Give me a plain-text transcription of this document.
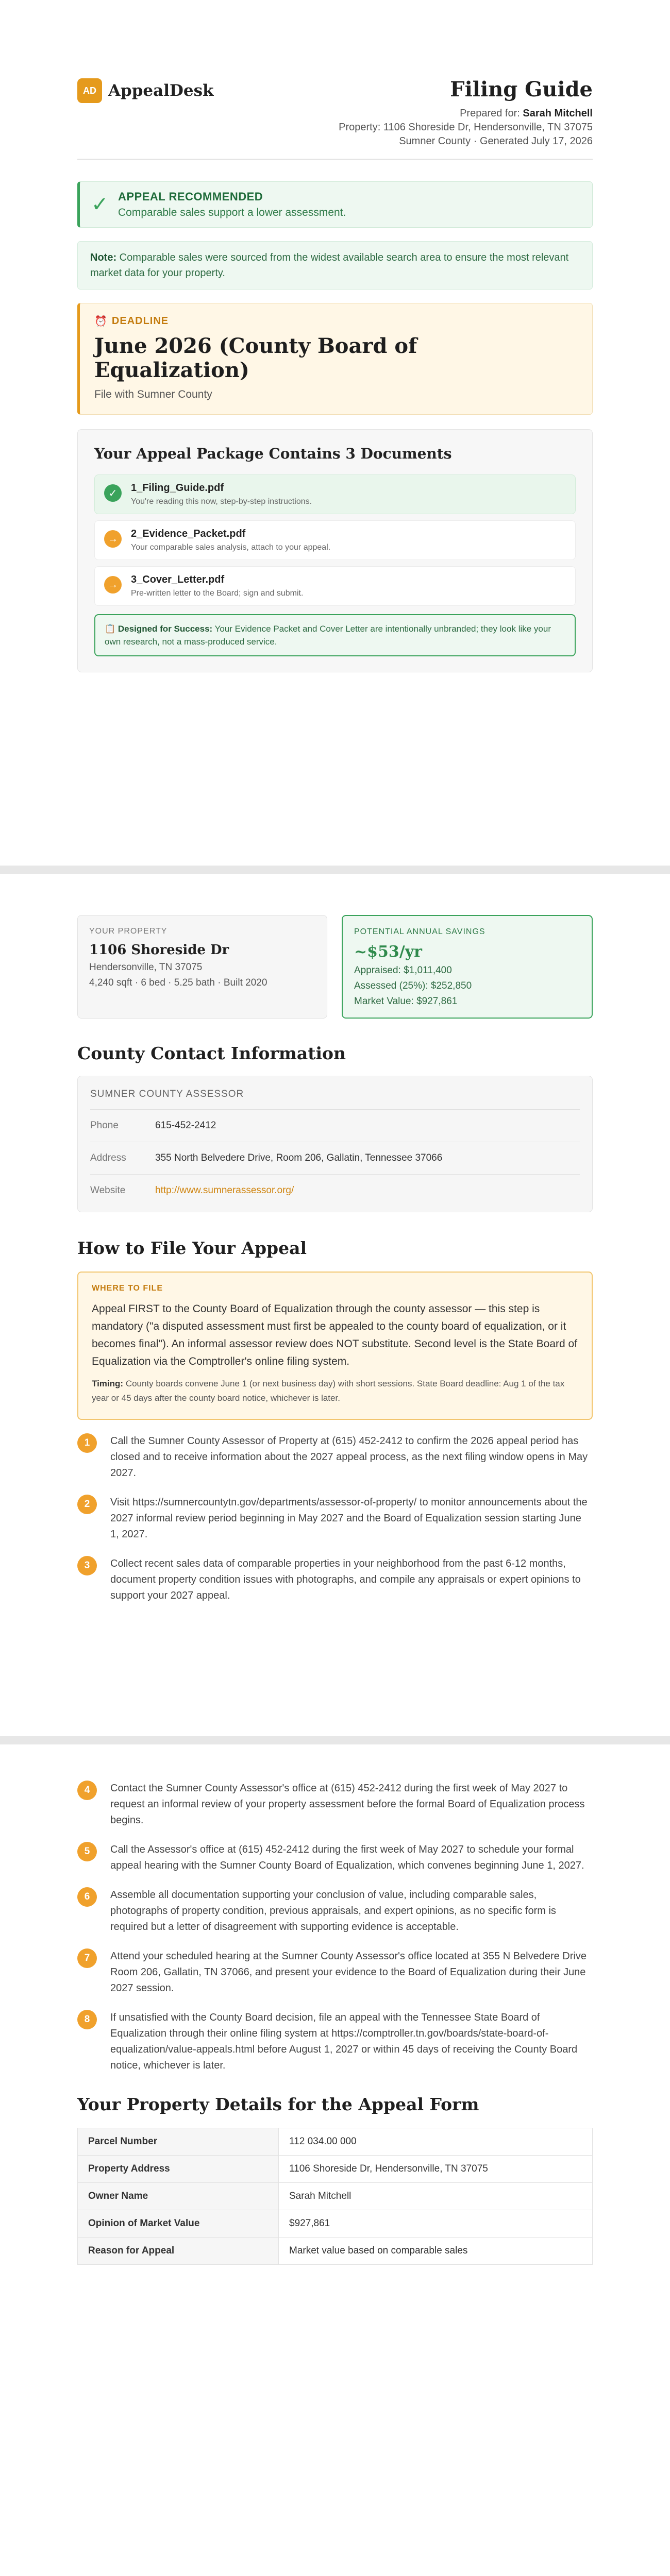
AD AppealDesk	Filing Guide
Prepared for: Sarah Mitchell
Property: 1106 Shoreside Dr, Hendersonville, TN 37075
Sumner County · Generated July 17, 2026
✓ APPEAL RECOMMENDED
Comparable sales support a lower assessment.
Note: Comparable sales were sourced from the widest available search area to ensure the most relevant market data for your property.
⏰ DEADLINE
June 2026 (County Board of Equalization)
File with Sumner County
Your Appeal Package Contains 3 Documents
✓	1_Filing_Guide.pdf
You're reading this now, step-by-step instructions.
→	2_Evidence_Packet.pdf
Your comparable sales analysis, attach to your appeal.
→	3_Cover_Letter.pdf
Pre-written letter to the Board; sign and submit.
📋 Designed for Success: Your Evidence Packet and Cover Letter are intentionally unbranded; they look like your own research, not a mass-produced service.
YOUR PROPERTY
1106 Shoreside Dr
Hendersonville, TN 37075
4,240 sqft · 6 bed · 5.25 bath · Built 2020
POTENTIAL ANNUAL SAVINGS
~$53/yr
Appraised: $1,011,400
Assessed (25%): $252,850
Market Value: $927,861
County Contact Information
SUMNER COUNTY ASSESSOR
Phone	615-452-2412
Address	355 North Belvedere Drive, Room 206, Gallatin, Tennessee 37066
Website	http://www.sumnerassessor.org/
How to File Your Appeal
WHERE TO FILE
Appeal FIRST to the County Board of Equalization through the county assessor — this step is mandatory ("a disputed assessment must first be appealed to the county board of equalization, or it becomes final"). An informal assessor review does NOT substitute. Second level is the State Board of Equalization via the Comptroller's online filing system.
Timing: County boards convene June 1 (or next business day) with short sessions. State Board deadline: Aug 1 of the tax year or 45 days after the county board notice, whichever is later.
1	Call the Sumner County Assessor of Property at (615) 452-2412 to confirm the 2026 appeal period has closed and to receive information about the 2027 appeal process, as the next filing window opens in May 2027.
2	Visit https://sumnercountytn.gov/departments/assessor-of-property/ to monitor announcements about the 2027 informal review period beginning in May 2027 and the Board of Equalization session starting June 1, 2027.
3	Collect recent sales data of comparable properties in your neighborhood from the past 6-12 months, document property condition issues with photographs, and compile any appraisals or expert opinions to support your 2027 appeal.
4	Contact the Sumner County Assessor's office at (615) 452-2412 during the first week of May 2027 to request an informal review of your property assessment before the formal Board of Equalization process begins.
5	Call the Assessor's office at (615) 452-2412 during the first week of May 2027 to schedule your formal appeal hearing with the Sumner County Board of Equalization, which convenes beginning June 1, 2027.
6	Assemble all documentation supporting your conclusion of value, including comparable sales, photographs of property condition, previous appraisals, and expert opinions, as no specific form is required but a letter of disagreement with supporting evidence is acceptable.
7	Attend your scheduled hearing at the Sumner County Assessor's office located at 355 N Belvedere Drive Room 206, Gallatin, TN 37066, and present your evidence to the Board of Equalization during their June 2027 session.
8	If unsatisfied with the County Board decision, file an appeal with the Tennessee State Board of Equalization through their online filing system at https://comptroller.tn.gov/boards/state-board-of-equalization/value-appeals.html before August 1, 2027 or within 45 days of receiving the County Board notice, whichever is later.
Your Property Details for the Appeal Form
Parcel Number	112 034.00 000
Property Address	1106 Shoreside Dr, Hendersonville, TN 37075
Owner Name	Sarah Mitchell
Opinion of Market Value	$927,861
Reason for Appeal	Market value based on comparable sales
